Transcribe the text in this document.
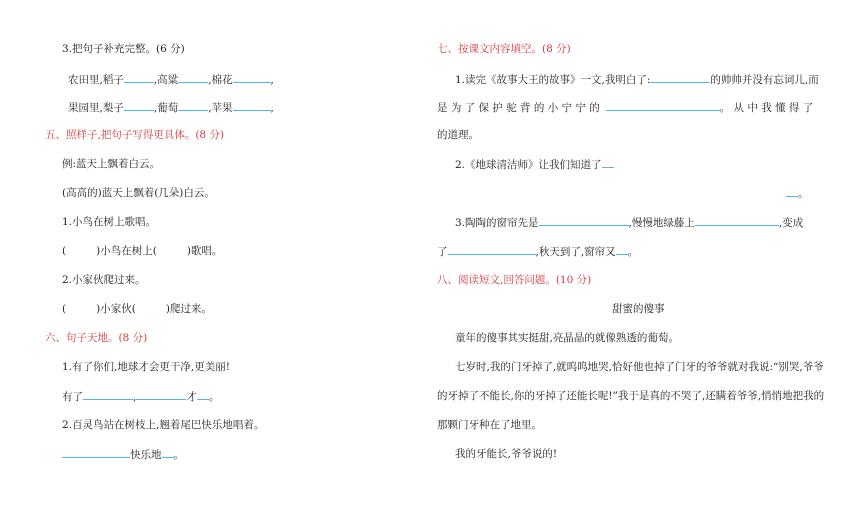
3.把句子补充完整。(6 分)
农田里,稻子	,高粱	,棉花	,
果园里,梨子	,葡萄	,苹果	,
五、照样子,把句子写得更具体。(8 分)
例:蓝天上飘着白云。
(高高的)蓝天上飘着(几朵)白云。
1.小鸟在树上歌唱。
(	)小鸟在树上(	)歌唱。
2.小家伙爬过来。
(	)小家伙(	)爬过来。
六、句子天地。(8 分)
1.有了你们,地球才会更干净,更美丽!
有了	,	才 。
2.百灵鸟站在树枝上,翘着尾巴快乐地唱着。
快乐地 。
七、按课文内容填空。(8 分)
1.读完《故事大王的故事》一文,我明白了:	的帅帅并没有忘词儿,而
是 为 了 保 护 驼 背 的 小 宁 宁 的	。 从 中 我 懂 得 了
的道理。
2.《地球清洁师》让我们知道了
。
3.陶陶的窗帘先是	,慢慢地绿藤上	,变成
了	,秋天到了,窗帘又 。
八、阅读短文,回答问题。(10 分)
甜蜜的傻事
童年的傻事其实挺甜,亮晶晶的就像熟透的葡萄。
七岁时,我的门牙掉了,就呜呜地哭,恰好他也掉了门牙的爷爷就对我说:“别哭,爷爷
的牙掉了不能长,你的牙掉了还能长呢!”我于是真的不哭了,还瞒着爷爷,悄悄地把我的
那颗门牙种在了地里。
我的牙能长,爷爷说的!
